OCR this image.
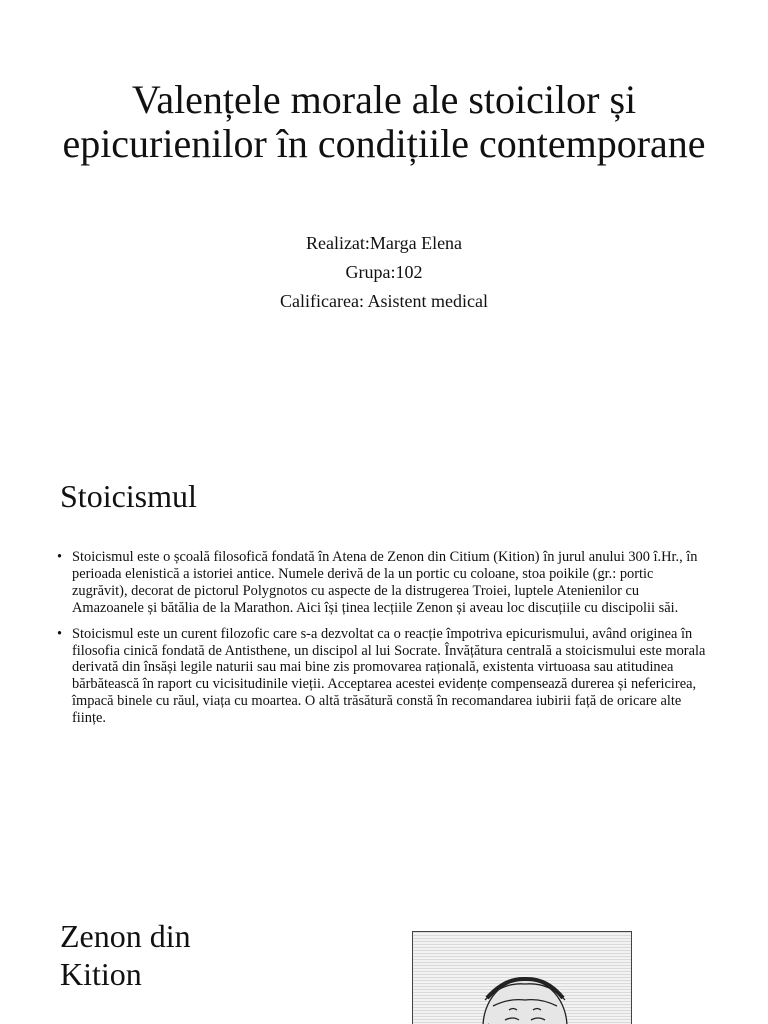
Valențele morale ale stoicilor și epicurienilor în condițiile contemporane
Realizat:Marga Elena
Grupa:102
Calificarea: Asistent medical
Stoicismul
• Stoicismul este o școală filosofică fondată în Atena de Zenon din Citium (Kition) în jurul anului 300 î.Hr., în perioada elenistică a istoriei antice. Numele derivă de la un portic cu coloane, stoa poikile (gr.: portic zugrăvit), decorat de pictorul Polygnotos cu aspecte de la distrugerea Troiei, luptele Atenienilor cu Amazoanele și bătălia de la Marathon. Aici își ținea lecțiile Zenon și aveau loc discuțiile cu discipolii săi.
• Stoicismul este un curent filozofic care s-a dezvoltat ca o reacție împotriva epicurismului, având originea în filosofia cinică fondată de Antisthene, un discipol al lui Socrate. Învățătura centrală a stoicismului este morala derivată din însăși legile naturii sau mai bine zis promovarea rațională, existenta virtuoasa sau atitudinea bărbătească în raport cu vicisitudinile vieții. Acceptarea acestei evidențe compensează durerea și nefericirea, împacă binele cu răul, viața cu moartea. O altă trăsătură constă în recomandarea iubirii față de oricare alte ființe.
Zenon din
Kition
